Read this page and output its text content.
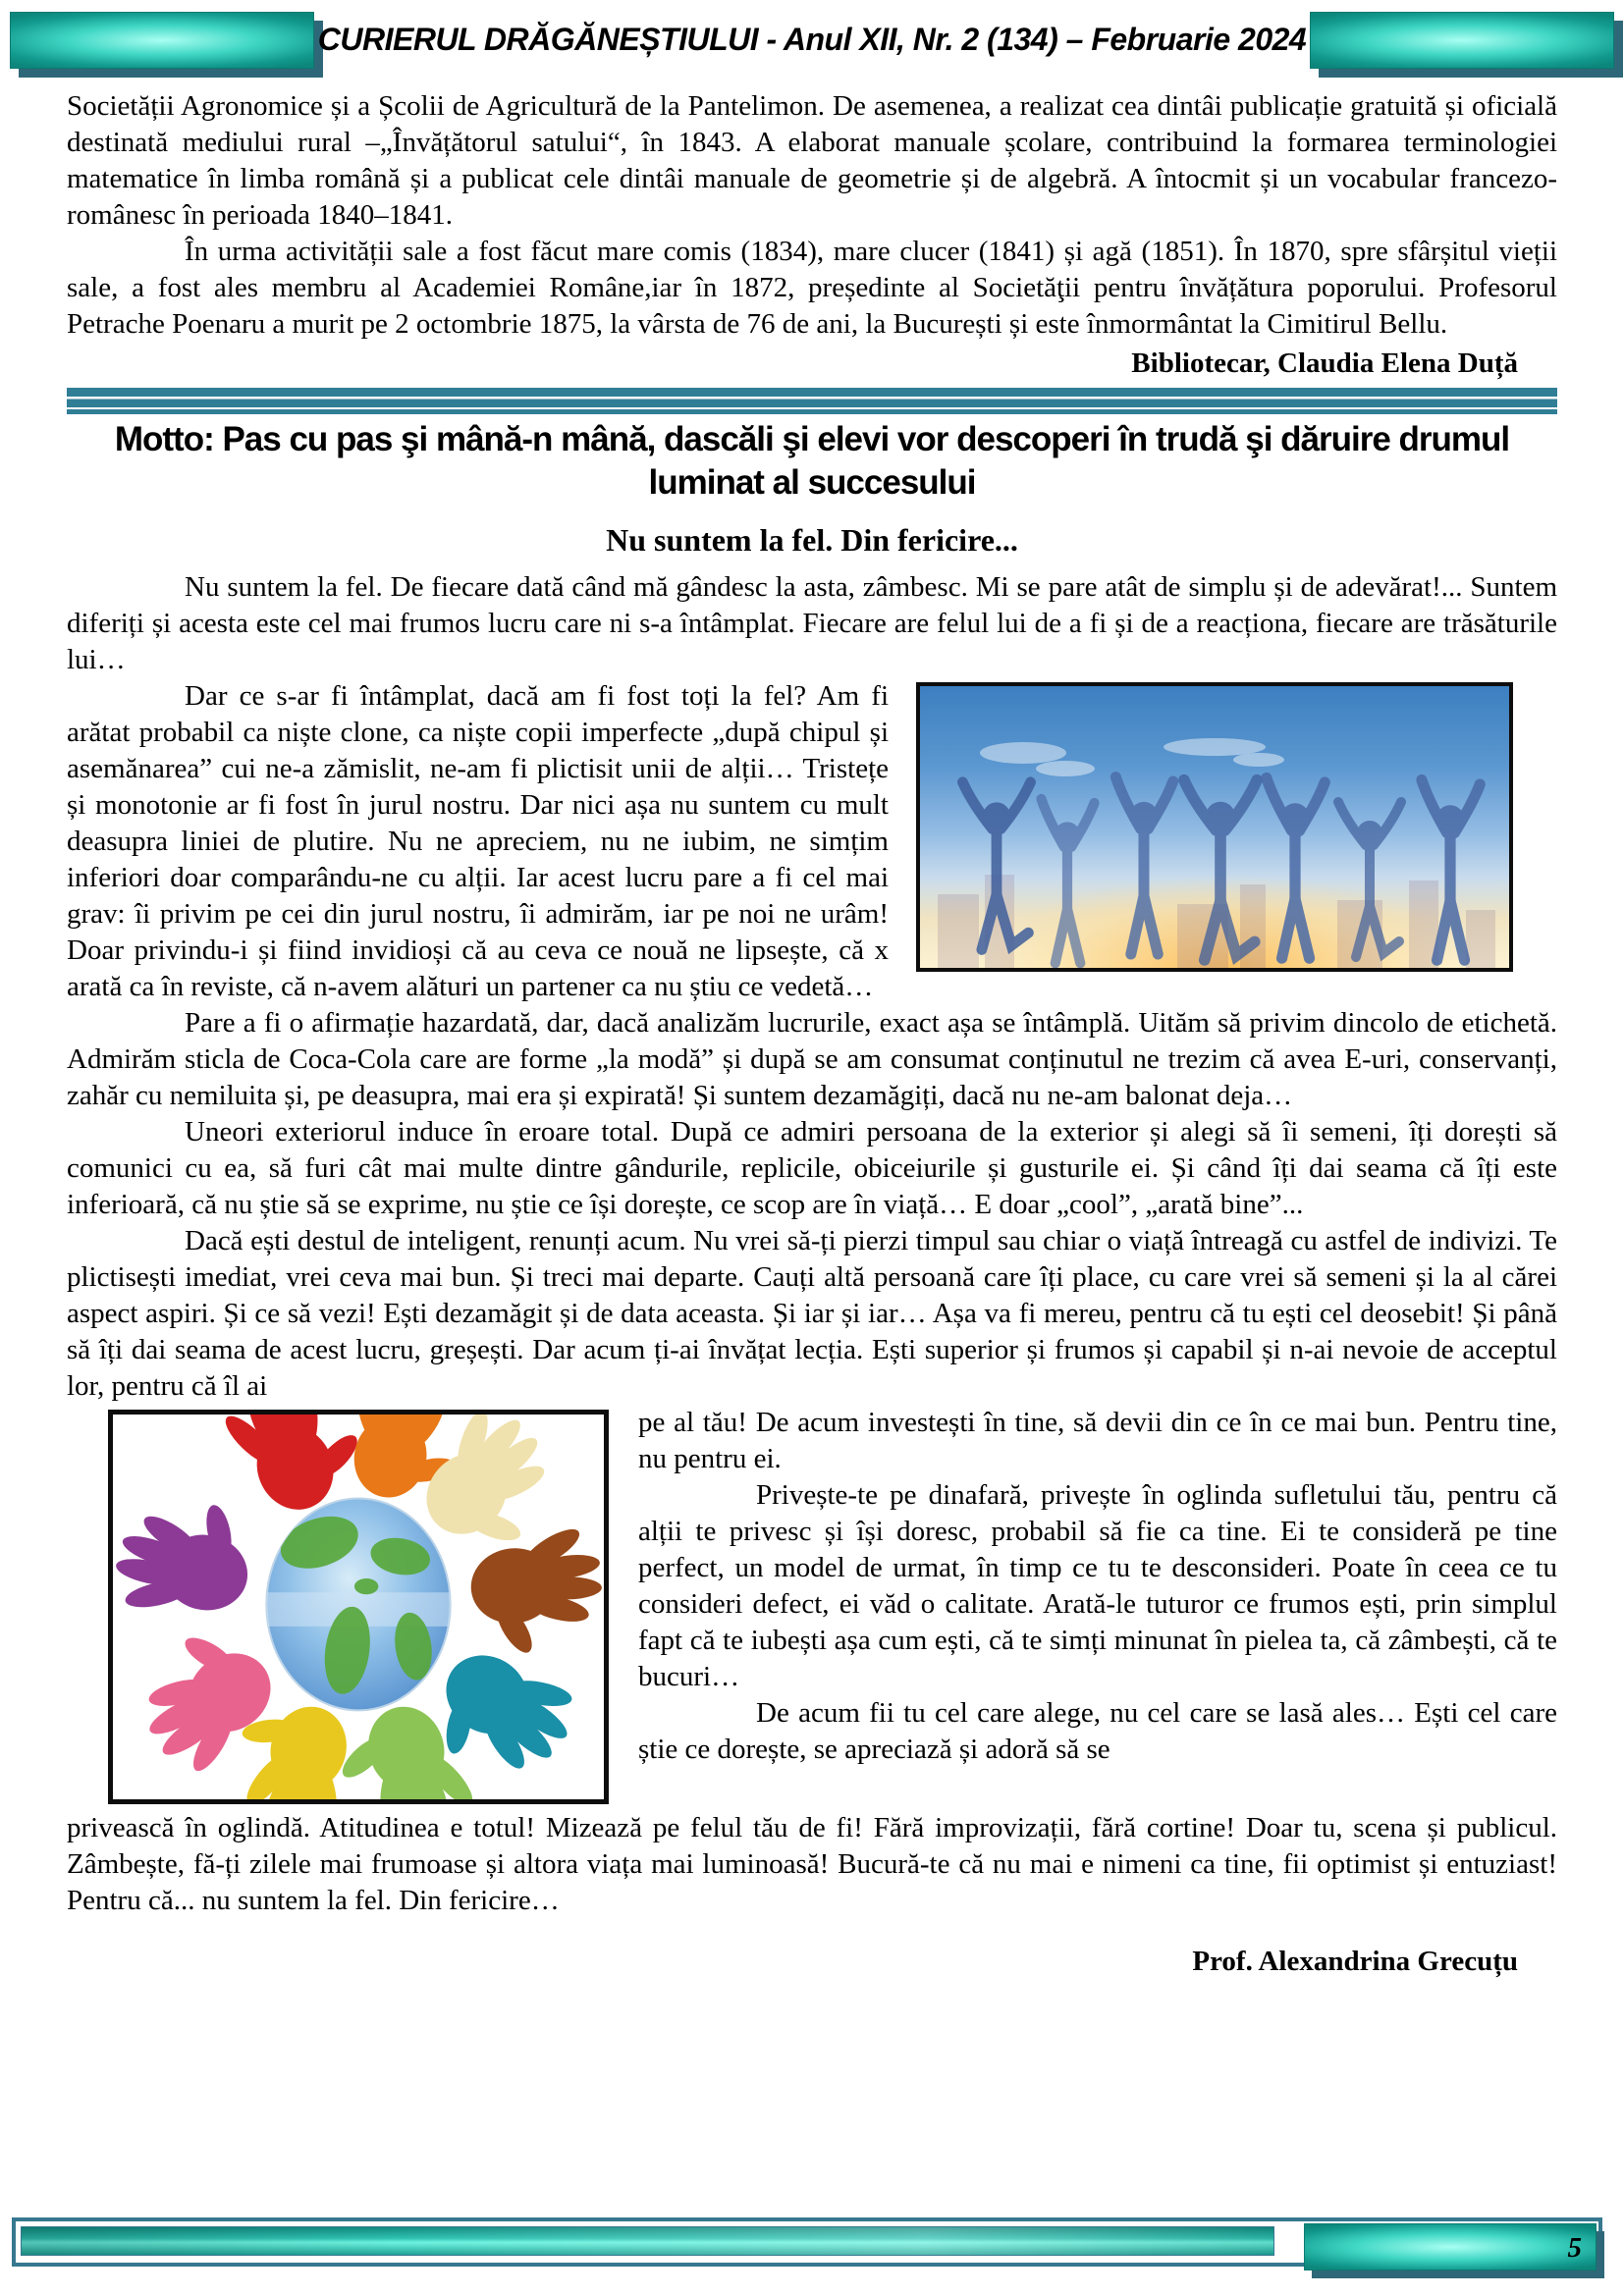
CURIERUL DRĂGĂNEȘTIULUI - Anul XII, Nr. 2 (134) – Februarie 2024

Societății Agronomice și a Școlii de Agricultură de la Pantelimon. De asemenea, a realizat cea dintâi publicație gratuită și oficială destinată mediului rural –„Învățătorul satului“, în 1843. A elaborat manuale școlare, contribuind la formarea terminologiei matematice în limba română și a publicat cele dintâi manuale de geometrie și de algebră. A întocmit și un vocabular francezo-românesc în perioada 1840–1841.

În urma activității sale a fost făcut mare comis (1834), mare clucer (1841) și agă (1851). În 1870, spre sfârșitul vieții sale, a fost ales membru al Academiei Române,iar în 1872, președinte al Societăţii pentru învățătura poporului. Profesorul Petrache Poenaru a murit pe 2 octombrie 1875, la vârsta de 76 de ani, la București și este înmormântat la Cimitirul Bellu.

Bibliotecar, Claudia Elena Duță
Motto: Pas cu pas şi mână-n mână, dascăli şi elevi vor descoperi în trudă şi dăruire drumul luminat al succesului
Nu suntem la fel. Din fericire...

Nu suntem la fel. De fiecare dată când mă gândesc la asta, zâmbesc. Mi se pare atât de simplu și de adevărat!... Suntem diferiți și acesta este cel mai frumos lucru care ni s-a întâmplat. Fiecare are felul lui de a fi și de a reacționa, fiecare are trăsăturile lui…

Dar ce s-ar fi întâmplat, dacă am fi fost toți la fel? Am fi arătat probabil ca niște clone, ca niște copii imperfecte „după chipul și asemănarea” cui ne-a zămislit, ne-am fi plictisit unii de alții… Tristețe și monotonie ar fi fost în jurul nostru. Dar nici așa nu suntem cu mult deasupra liniei de plutire. Nu ne apreciem, nu ne iubim, ne simțim inferiori doar comparându-ne cu alții. Iar acest lucru pare a fi cel mai grav: îi privim pe cei din jurul nostru, îi admirăm, iar pe noi ne urâm! Doar privindu-i și fiind invidioși că au ceva ce nouă ne lipsește, că x arată ca în reviste, că n-avem alături un partener ca nu știu ce vedetă…

Pare a fi o afirmație hazardată, dar, dacă analizăm lucrurile, exact așa se întâmplă. Uităm să privim dincolo de etichetă. Admirăm sticla de Coca-Cola care are forme „la modă” și după se am consumat conținutul ne trezim că avea E-uri, conservanți, zahăr cu nemiluita și, pe deasupra, mai era și expirată! Și suntem dezamăgiți, dacă nu ne-am balonat deja…

Uneori exteriorul induce în eroare total. După ce admiri persoana de la exterior și alegi să îi semeni, îți dorești să comunici cu ea, să furi cât mai multe dintre gândurile, replicile, obiceiurile și gusturile ei. Și când îți dai seama că îți este inferioară, că nu știe să se exprime, nu știe ce își dorește, ce scop are în viață… E doar „cool”, „arată bine”...

Dacă ești destul de inteligent, renunți acum. Nu vrei să-ți pierzi timpul sau chiar o viață întreagă cu astfel de indivizi. Te plictisești imediat, vrei ceva mai bun. Și treci mai departe. Cauți altă persoană care îți place, cu care vrei să semeni și la al cărei aspect aspiri. Și ce să vezi! Ești dezamăgit și de data aceasta. Și iar și iar… Așa va fi mereu, pentru că tu ești cel deosebit! Și până să îți dai seama de acest lucru, greșești. Dar acum ți-ai învățat lecția. Ești superior și frumos și capabil și n-ai nevoie de acceptul lor, pentru că îl ai

pe al tău! De acum investești în tine, să devii din ce în ce mai bun. Pentru tine, nu pentru ei.

Privește-te pe dinafară, privește în oglinda sufletului tău, pentru că alții te privesc și își doresc, probabil să fie ca tine. Ei te consideră pe tine perfect, un model de urmat, în timp ce tu te desconsideri. Poate în ceea ce tu consideri defect, ei văd o calitate. Arată-le tuturor ce frumos ești, prin simplul fapt că te iubești așa cum ești, că te simți minunat în pielea ta, că zâmbești, că te bucuri…

De acum fii tu cel care alege, nu cel care se lasă ales… Ești cel care știe ce dorește, se apreciază și adoră să se

privească în oglindă. Atitudinea e totul! Mizează pe felul tău de fi! Fără improvizații, fără cortine! Doar tu, scena și publicul. Zâmbește, fă-ți zilele mai frumoase și altora viața mai luminoasă! Bucură-te că nu mai e nimeni ca tine, fii optimist și entuziast! Pentru că... nu suntem la fel. Din fericire…

Prof. Alexandrina Grecuțu
5
